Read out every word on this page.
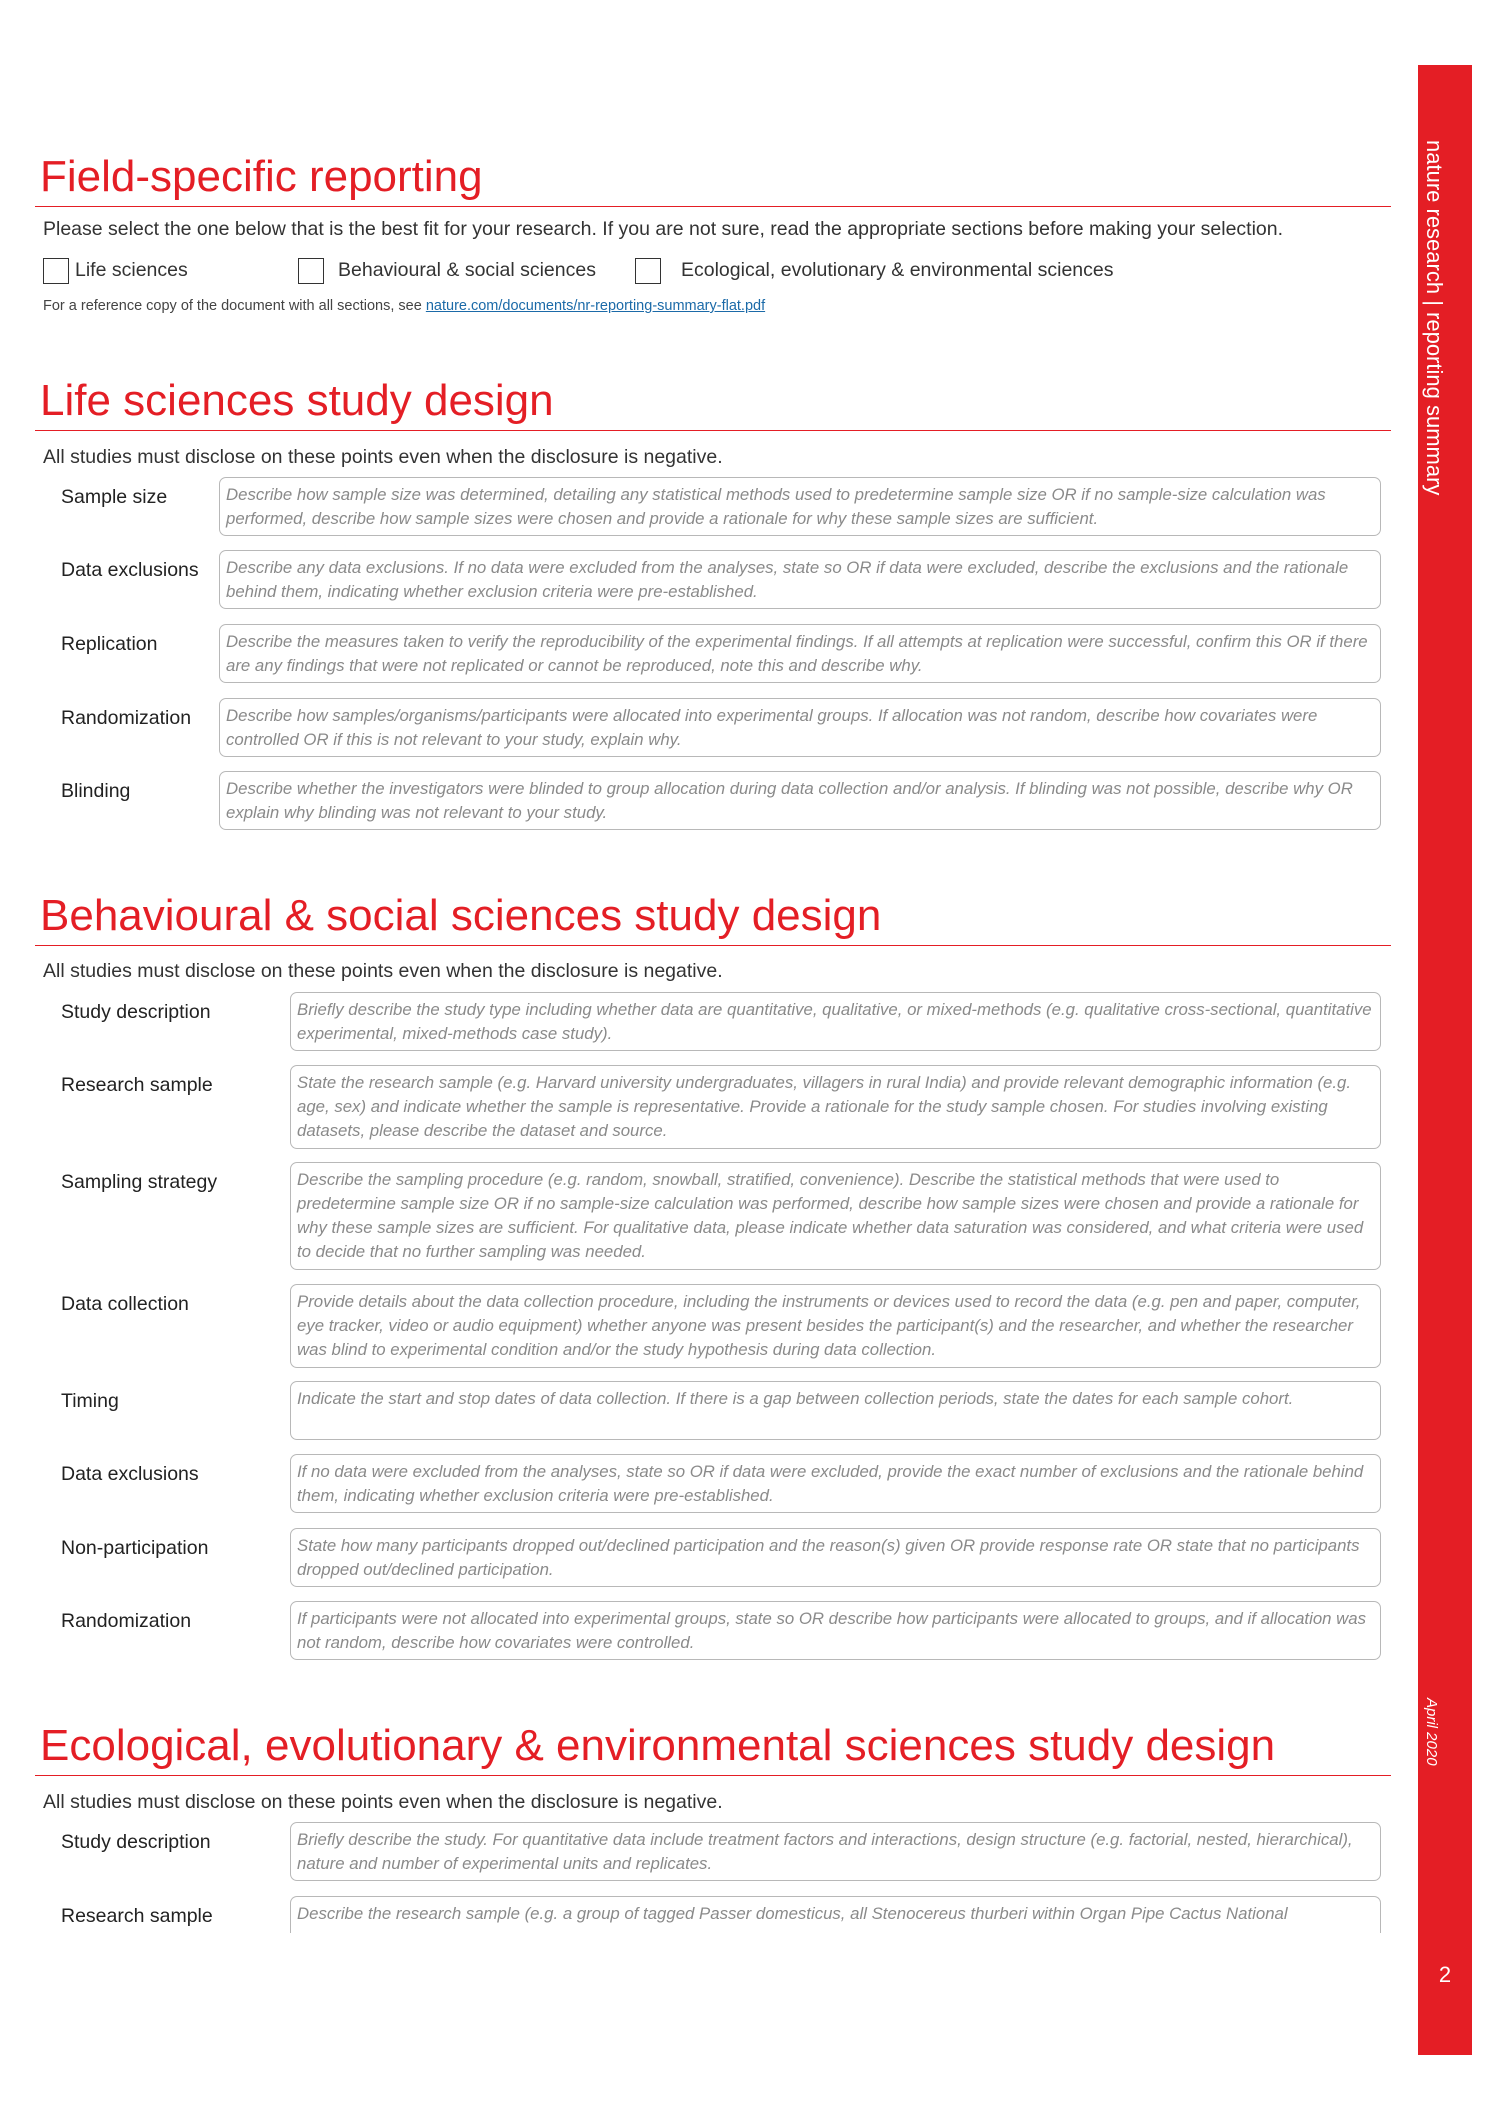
nature research | reporting summary
April 2020
2
Field-specific reporting
Please select the one below that is the best fit for your research. If you are not sure, read the appropriate sections before making your selection.
Life sciences	Behavioural & social sciences	Ecological, evolutionary & environmental sciences
For a reference copy of the document with all sections, see nature.com/documents/nr-reporting-summary-flat.pdf
Life sciences study design
All studies must disclose on these points even when the disclosure is negative.
Sample size	Describe how sample size was determined, detailing any statistical methods used to predetermine sample size OR if no sample-size calculation was performed, describe how sample sizes were chosen and provide a rationale for why these sample sizes are sufficient.
Data exclusions	Describe any data exclusions. If no data were excluded from the analyses, state so OR if data were excluded, describe the exclusions and the rationale behind them, indicating whether exclusion criteria were pre-established.
Replication	Describe the measures taken to verify the reproducibility of the experimental findings. If all attempts at replication were successful, confirm this OR if there are any findings that were not replicated or cannot be reproduced, note this and describe why.
Randomization	Describe how samples/organisms/participants were allocated into experimental groups. If allocation was not random, describe how covariates were controlled OR if this is not relevant to your study, explain why.
Blinding	Describe whether the investigators were blinded to group allocation during data collection and/or analysis. If blinding was not possible, describe why OR explain why blinding was not relevant to your study.
Behavioural & social sciences study design
All studies must disclose on these points even when the disclosure is negative.
Study description	Briefly describe the study type including whether data are quantitative, qualitative, or mixed-methods (e.g. qualitative cross-sectional, quantitative experimental, mixed-methods case study).
Research sample	State the research sample (e.g. Harvard university undergraduates, villagers in rural India) and provide relevant demographic information (e.g. age, sex) and indicate whether the sample is representative. Provide a rationale for the study sample chosen. For studies involving existing datasets, please describe the dataset and source.
Sampling strategy	Describe the sampling procedure (e.g. random, snowball, stratified, convenience). Describe the statistical methods that were used to predetermine sample size OR if no sample-size calculation was performed, describe how sample sizes were chosen and provide a rationale for why these sample sizes are sufficient. For qualitative data, please indicate whether data saturation was considered, and what criteria were used to decide that no further sampling was needed.
Data collection	Provide details about the data collection procedure, including the instruments or devices used to record the data (e.g. pen and paper, computer, eye tracker, video or audio equipment) whether anyone was present besides the participant(s) and the researcher, and whether the researcher was blind to experimental condition and/or the study hypothesis during data collection.
Timing	Indicate the start and stop dates of data collection. If there is a gap between collection periods, state the dates for each sample cohort.
Data exclusions	If no data were excluded from the analyses, state so OR if data were excluded, provide the exact number of exclusions and the rationale behind them, indicating whether exclusion criteria were pre-established.
Non-participation	State how many participants dropped out/declined participation and the reason(s) given OR provide response rate OR state that no participants dropped out/declined participation.
Randomization	If participants were not allocated into experimental groups, state so OR describe how participants were allocated to groups, and if allocation was not random, describe how covariates were controlled.
Ecological, evolutionary & environmental sciences study design
All studies must disclose on these points even when the disclosure is negative.
Study description	Briefly describe the study. For quantitative data include treatment factors and interactions, design structure (e.g. factorial, nested, hierarchical), nature and number of experimental units and replicates.
Research sample	Describe the research sample (e.g. a group of tagged Passer domesticus, all Stenocereus thurberi within Organ Pipe Cactus National
